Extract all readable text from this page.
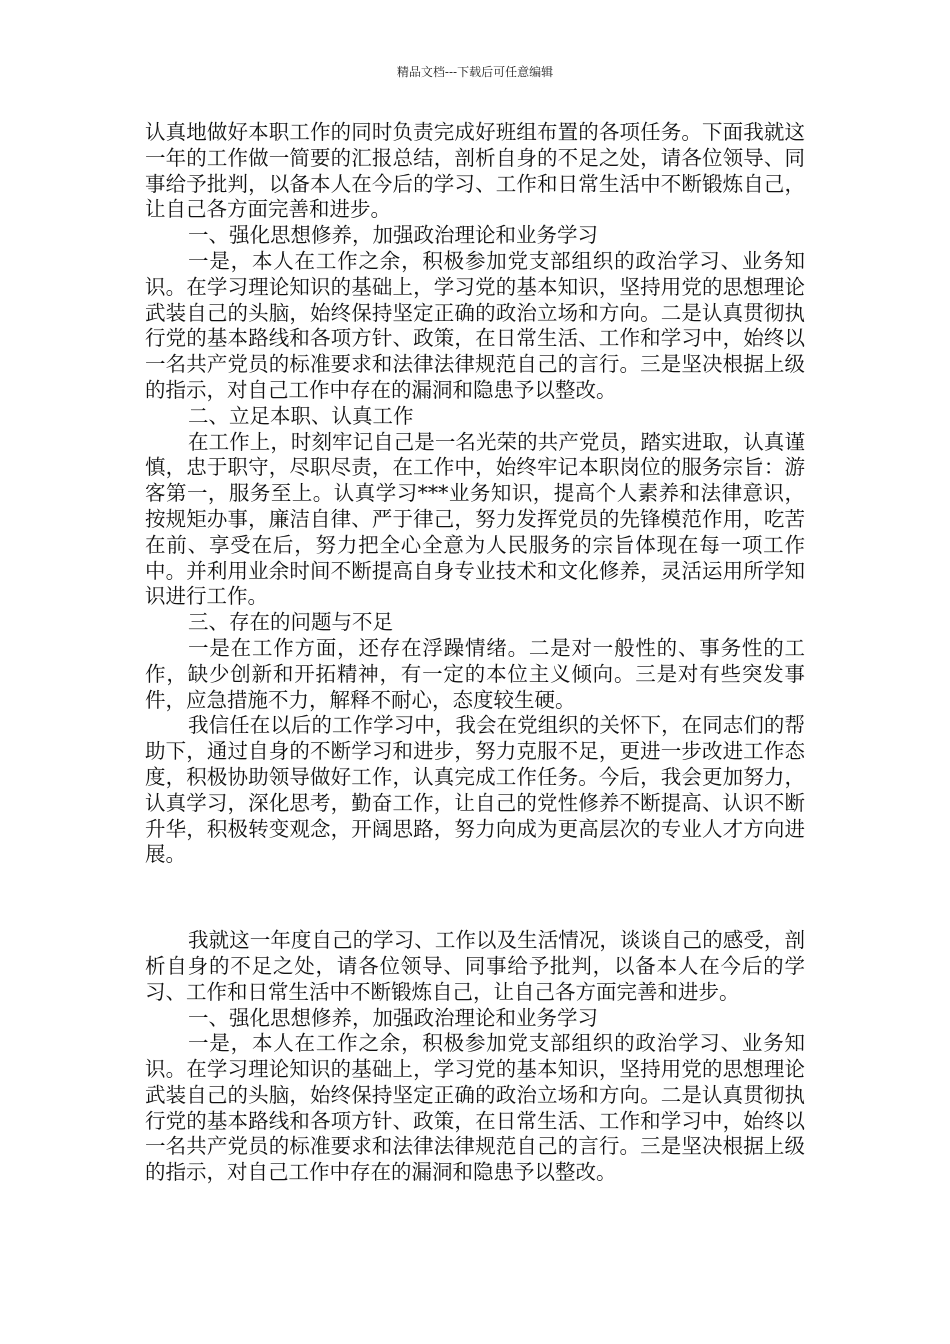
精品文档---下载后可任意编辑

认真地做好本职工作的同时负责完成好班组布置的各项任务。下面我就这一年的工作做一简要的汇报总结，剖析自身的不足之处，请各位领导、同事给予批判，以备本人在今后的学习、工作和日常生活中不断锻炼自己，让自己各方面完善和进步。

一、强化思想修养，加强政治理论和业务学习

一是，本人在工作之余，积极参加党支部组织的政治学习、业务知识。在学习理论知识的基础上，学习党的基本知识，坚持用党的思想理论武装自己的头脑，始终保持坚定正确的政治立场和方向。二是认真贯彻执行党的基本路线和各项方针、政策，在日常生活、工作和学习中，始终以一名共产党员的标准要求和法律法律规范自己的言行。三是坚决根据上级的指示，对自己工作中存在的漏洞和隐患予以整改。

二、立足本职、认真工作

在工作上，时刻牢记自己是一名光荣的共产党员，踏实进取，认真谨慎，忠于职守，尽职尽责，在工作中，始终牢记本职岗位的服务宗旨：游客第一，服务至上。认真学习***业务知识，提高个人素养和法律意识，按规矩办事，廉洁自律、严于律己，努力发挥党员的先锋模范作用，吃苦在前、享受在后，努力把全心全意为人民服务的宗旨体现在每一项工作中。并利用业余时间不断提高自身专业技术和文化修养，灵活运用所学知识进行工作。

三、存在的问题与不足

一是在工作方面，还存在浮躁情绪。二是对一般性的、事务性的工作，缺少创新和开拓精神，有一定的本位主义倾向。三是对有些突发事件，应急措施不力，解释不耐心，态度较生硬。

我信任在以后的工作学习中，我会在党组织的关怀下，在同志们的帮助下，通过自身的不断学习和进步，努力克服不足，更进一步改进工作态度，积极协助领导做好工作，认真完成工作任务。今后，我会更加努力，认真学习，深化思考，勤奋工作，让自己的党性修养不断提高、认识不断升华，积极转变观念，开阔思路，努力向成为更高层次的专业人才方向进展。

我就这一年度自己的学习、工作以及生活情况，谈谈自己的感受，剖析自身的不足之处，请各位领导、同事给予批判，以备本人在今后的学习、工作和日常生活中不断锻炼自己，让自己各方面完善和进步。

一、强化思想修养，加强政治理论和业务学习

一是，本人在工作之余，积极参加党支部组织的政治学习、业务知识。在学习理论知识的基础上，学习党的基本知识，坚持用党的思想理论武装自己的头脑，始终保持坚定正确的政治立场和方向。二是认真贯彻执行党的基本路线和各项方针、政策，在日常生活、工作和学习中，始终以一名共产党员的标准要求和法律法律规范自己的言行。三是坚决根据上级的指示，对自己工作中存在的漏洞和隐患予以整改。
